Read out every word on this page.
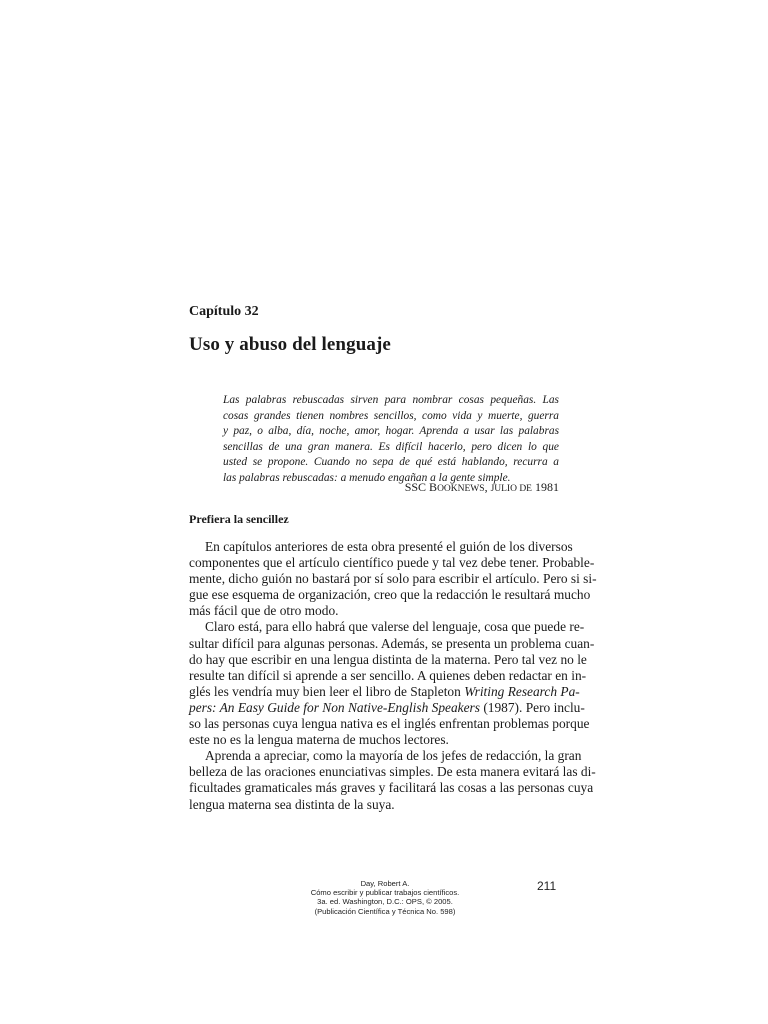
Capítulo 32
Uso y abuso del lenguaje
Las palabras rebuscadas sirven para nombrar cosas pequeñas. Las
cosas grandes tienen nombres sencillos, como vida y muerte, guerra
y paz, o alba, día, noche, amor, hogar. Aprenda a usar las palabras
sencillas de una gran manera. Es difícil hacerlo, pero dicen lo que
usted se propone. Cuando no sepa de qué está hablando, recurra a
las palabras rebuscadas: a menudo engañan a la gente simple.
SSC BOOKNEWS, JULIO DE 1981
Prefiera la sencillez
En capítulos anteriores de esta obra presenté el guión de los diversos
componentes que el artículo científico puede y tal vez debe tener. Probable-
mente, dicho guión no bastará por sí solo para escribir el artículo. Pero si si-
gue ese esquema de organización, creo que la redacción le resultará mucho
más fácil que de otro modo.
Claro está, para ello habrá que valerse del lenguaje, cosa que puede re-
sultar difícil para algunas personas. Además, se presenta un problema cuan-
do hay que escribir en una lengua distinta de la materna. Pero tal vez no le
resulte tan difícil si aprende a ser sencillo. A quienes deben redactar en in-
glés les vendría muy bien leer el libro de Stapleton Writing Research Pa-
pers: An Easy Guide for Non Native-English Speakers (1987). Pero inclu-
so las personas cuya lengua nativa es el inglés enfrentan problemas porque
este no es la lengua materna de muchos lectores.
Aprenda a apreciar, como la mayoría de los jefes de redacción, la gran
belleza de las oraciones enunciativas simples. De esta manera evitará las di-
ficultades gramaticales más graves y facilitará las cosas a las personas cuya
lengua materna sea distinta de la suya.
Day, Robert A.
Cómo escribir y publicar trabajos científicos.
3a. ed. Washington, D.C.: OPS, © 2005.
(Publicación Científica y Técnica No. 598)
211
